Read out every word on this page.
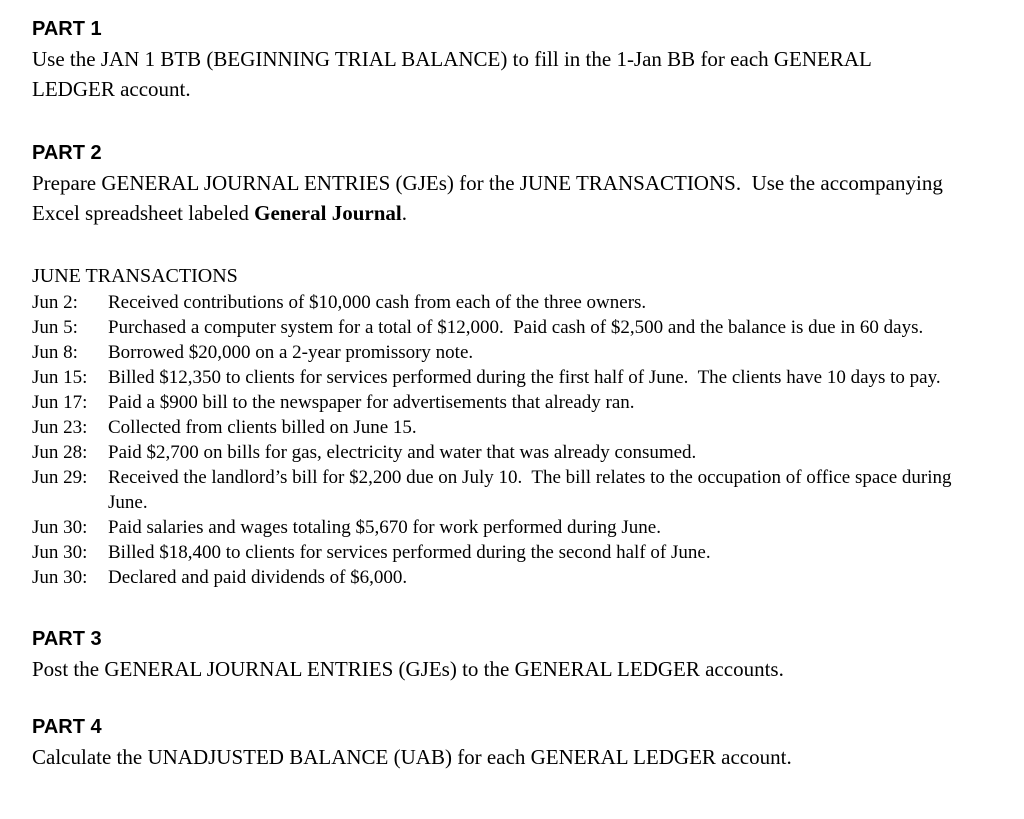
PART 1
Use the JAN 1 BTB (BEGINNING TRIAL BALANCE) to fill in the 1-Jan BB for each GENERAL LEDGER account.
PART 2
Prepare GENERAL JOURNAL ENTRIES (GJEs) for the JUNE TRANSACTIONS.  Use the accompanying Excel spreadsheet labeled General Journal.
JUNE TRANSACTIONS
Jun 2:	Received contributions of $10,000 cash from each of the three owners.
Jun 5:	Purchased a computer system for a total of $12,000.  Paid cash of $2,500 and the balance is due in 60 days.
Jun 8:	Borrowed $20,000 on a 2-year promissory note.
Jun 15:	Billed $12,350 to clients for services performed during the first half of June.  The clients have 10 days to pay.
Jun 17:	Paid a $900 bill to the newspaper for advertisements that already ran.
Jun 23:	Collected from clients billed on June 15.
Jun 28:	Paid $2,700 on bills for gas, electricity and water that was already consumed.
Jun 29:	Received the landlord’s bill for $2,200 due on July 10.  The bill relates to the occupation of office space during June.
Jun 30:	Paid salaries and wages totaling $5,670 for work performed during June.
Jun 30:	Billed $18,400 to clients for services performed during the second half of June.
Jun 30:	Declared and paid dividends of $6,000.
PART 3
Post the GENERAL JOURNAL ENTRIES (GJEs) to the GENERAL LEDGER accounts.
PART 4
Calculate the UNADJUSTED BALANCE (UAB) for each GENERAL LEDGER account.
